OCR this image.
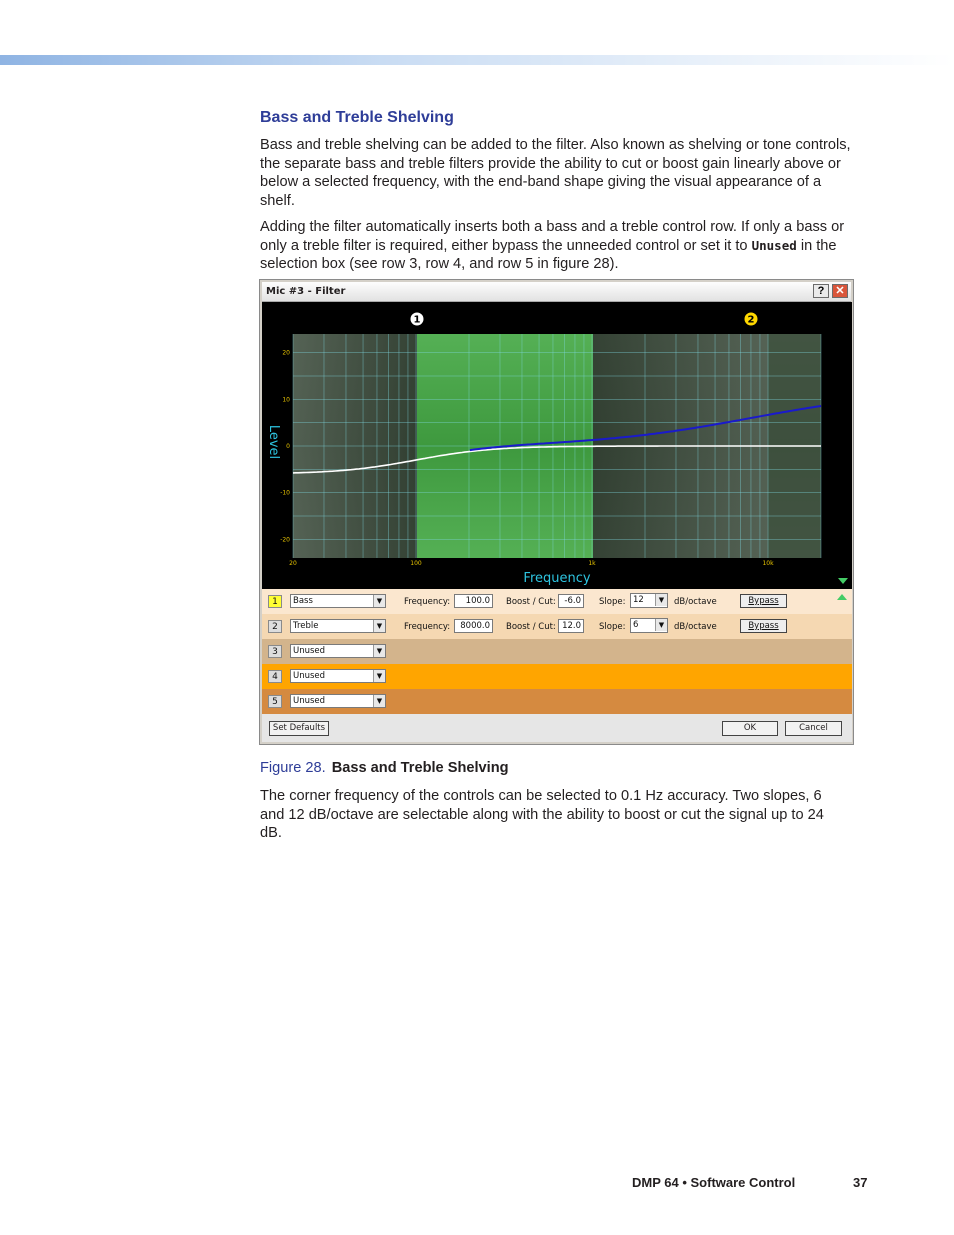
Bass and Treble Shelving

Bass and treble shelving can be added to the filter. Also known as shelving or tone controls, the separate bass and treble filters provide the ability to cut or boost gain linearly above or below a selected frequency, with the end-band shape giving the visual appearance of a shelf.

Adding the filter automatically inserts both a bass and a treble control row. If only a bass or only a treble filter is required, either bypass the unneeded control or set it to Unused in the selection box (see row 3, row 4, and row 5 in figure 28).

Mic #3 - Filter	?	✕
20
10
0
-10
-20
20	100	1k	10k
1	2
Level
Frequency
1	Bass	▼	Frequency:	100.0	Boost / Cut:	-6.0	Slope: 12	▼	dB/octave	Bypass
2	Treble	▼	Frequency:	8000.0	Boost / Cut: 12.0	Slope: 6	▼	dB/octave	Bypass
3	Unused	▼
4	Unused	▼
5	Unused	▼
Set Defaults	OK	Cancel
Figure 28. Bass and Treble Shelving

The corner frequency of the controls can be selected to 0.1 Hz accuracy. Two slopes, 6 and 12 dB/octave are selectable along with the ability to boost or cut the signal up to 24 dB.

DMP 64 • Software Control	37
